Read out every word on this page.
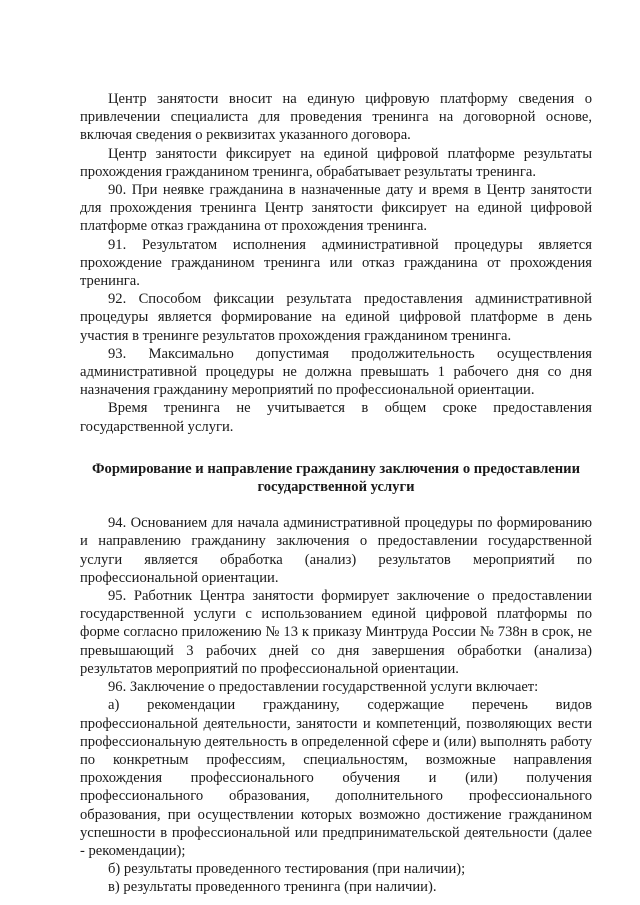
Центр занятости вносит на единую цифровую платформу сведения о привлечении специалиста для проведения тренинга на договорной основе, включая сведения о реквизитах указанного договора.

Центр занятости фиксирует на единой цифровой платформе результаты прохождения гражданином тренинга, обрабатывает результаты тренинга.

90. При неявке гражданина в назначенные дату и время в Центр занятости для прохождения тренинга Центр занятости фиксирует на единой цифровой платформе отказ гражданина от прохождения тренинга.

91. Результатом исполнения административной процедуры является прохождение гражданином тренинга или отказ гражданина от прохождения тренинга.

92. Способом фиксации результата предоставления административной процедуры является формирование на единой цифровой платформе в день участия в тренинге результатов прохождения гражданином тренинга.

93. Максимально допустимая продолжительность осуществления административной процедуры не должна превышать 1 рабочего дня со дня назначения гражданину мероприятий по профессиональной ориентации.

Время тренинга не учитывается в общем сроке предоставления государственной услуги.

Формирование и направление гражданину заключения о предоставлении государственной услуги

94. Основанием для начала административной процедуры по формированию и направлению гражданину заключения о предоставлении государственной услуги является обработка (анализ) результатов мероприятий по профессиональной ориентации.

95. Работник Центра занятости формирует заключение о предоставлении государственной услуги с использованием единой цифровой платформы по форме согласно приложению № 13 к приказу Минтруда России № 738н в срок, не превышающий 3 рабочих дней со дня завершения обработки (анализа) результатов мероприятий по профессиональной ориентации.

96. Заключение о предоставлении государственной услуги включает:

а) рекомендации гражданину, содержащие перечень видов профессиональной деятельности, занятости и компетенций, позволяющих вести профессиональную деятельность в определенной сфере и (или) выполнять работу по конкретным профессиям, специальностям, возможные направления прохождения профессионального обучения и (или) получения профессионального образования, дополнительного профессионального образования, при осуществлении которых возможно достижение гражданином успешности в профессиональной или предпринимательской деятельности (далее - рекомендации);

б) результаты проведенного тестирования (при наличии);

в) результаты проведенного тренинга (при наличии).
